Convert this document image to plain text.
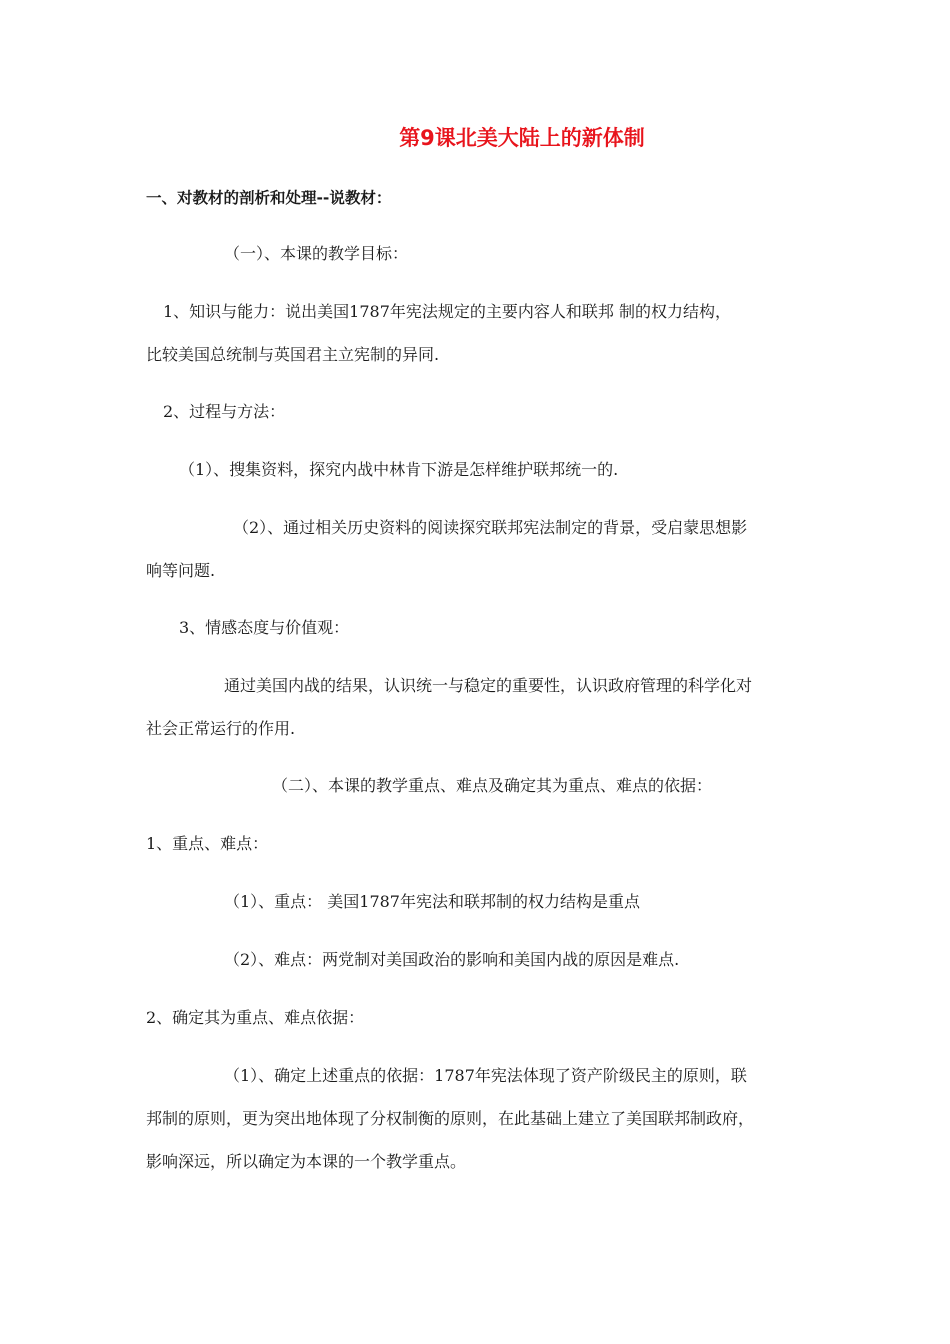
第9课北美大陆上的新体制
一、对教材的剖析和处理--说教材：
（一）、本课的教学目标：
1、知识与能力：说出美国1787年宪法规定的主要内容人和联邦 制的权力结构，
比较美国总统制与英国君主立宪制的异同.
2、过程与方法：
（1）、搜集资料，探究内战中林肯下游是怎样维护联邦统一的.
（2）、通过相关历史资料的阅读探究联邦宪法制定的背景，受启蒙思想影
响等问题.
3、情感态度与价值观：
通过美国内战的结果，认识统一与稳定的重要性，认识政府管理的科学化对
社会正常运行的作用.
（二）、本课的教学重点、难点及确定其为重点、难点的依据：
1、重点、难点：
（1）、重点： 美国1787年宪法和联邦制的权力结构是重点
（2）、难点：两党制对美国政治的影响和美国内战的原因是难点.
2、确定其为重点、难点依据：
（1）、确定上述重点的依据：1787年宪法体现了资产阶级民主的原则，联
邦制的原则，更为突出地体现了分权制衡的原则，在此基础上建立了美国联邦制政府，
影响深远，所以确定为本课的一个教学重点。
